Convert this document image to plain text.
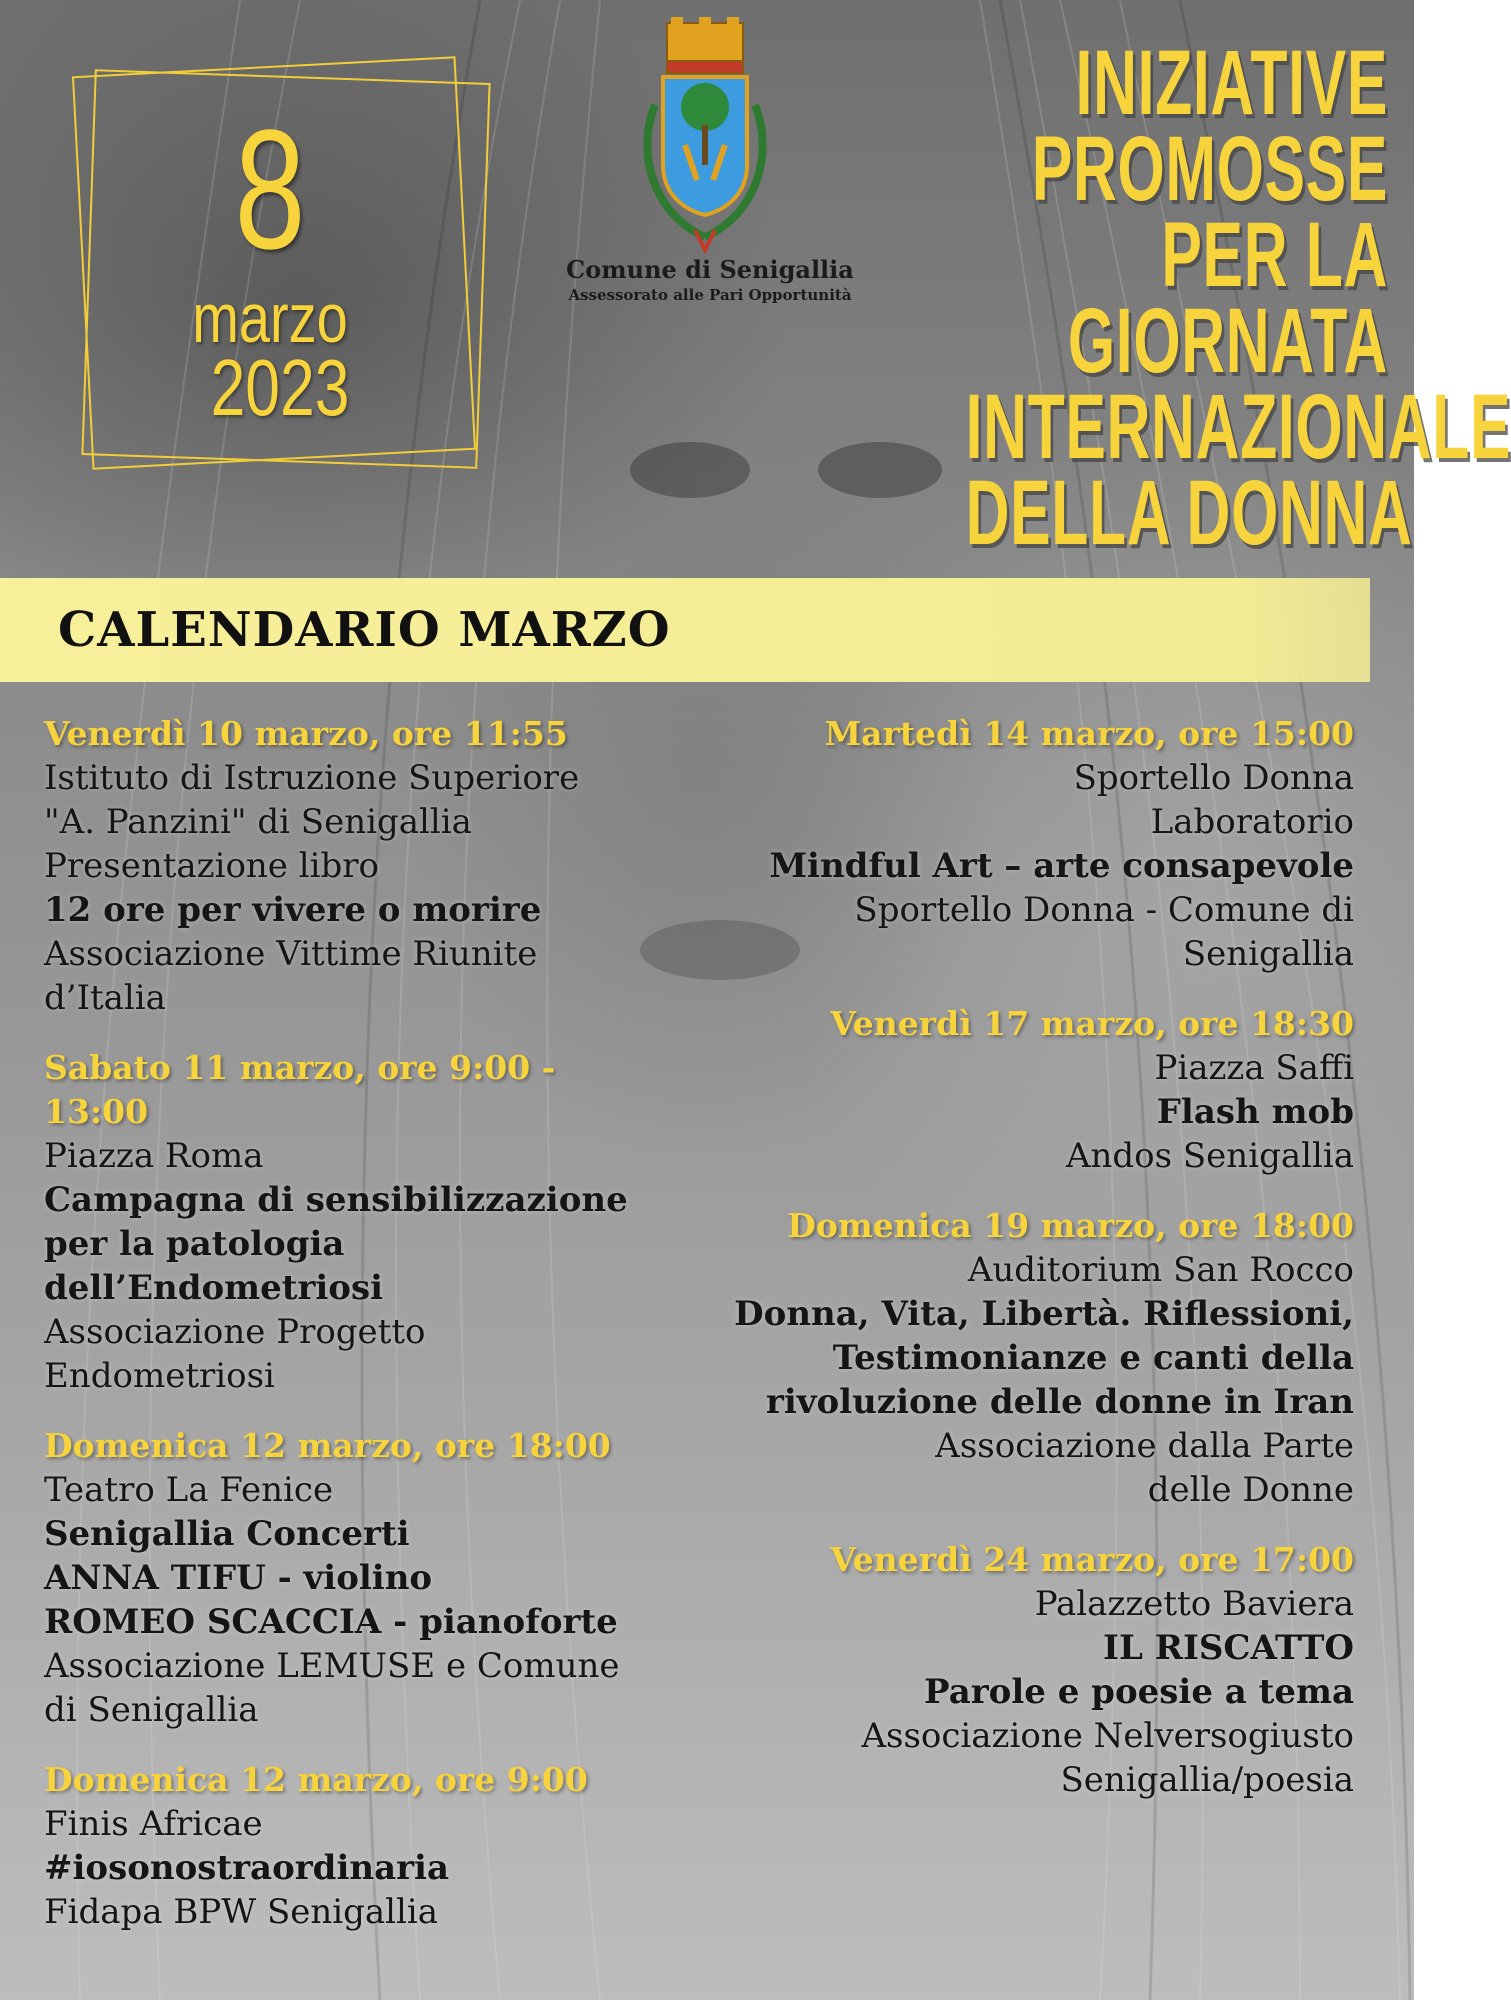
8
marzo
2023
Comune di Senigallia
Assessorato alle Pari Opportunità
INIZIATIVE
PROMOSSE
PER LA
GIORNATA
INTERNAZIONALE
DELLA DONNA
CALENDARIO MARZO
Venerdì 10 marzo, ore 11:55
Istituto di Istruzione Superiore
"A. Panzini" di Senigallia
Presentazione libro
12 ore per vivere o morire
Associazione Vittime Riunite
d’Italia
Sabato 11 marzo, ore 9:00 - 13:00
Piazza Roma
Campagna di sensibilizzazione
per la patologia
dell’Endometriosi
Associazione Progetto
Endometriosi
Domenica 12 marzo, ore 18:00
Teatro La Fenice
Senigallia Concerti
ANNA TIFU - violino
ROMEO SCACCIA - pianoforte
Associazione LEMUSE e Comune
di Senigallia
Domenica 12 marzo, ore 9:00
Finis Africae
#iosonostraordinaria
Fidapa BPW Senigallia
Martedì 14 marzo, ore 15:00
Sportello Donna
Laboratorio
Mindful Art – arte consapevole
Sportello Donna - Comune di
Senigallia
Venerdì 17 marzo, ore 18:30
Piazza Saffi
Flash mob
Andos Senigallia
Domenica 19 marzo, ore 18:00
Auditorium San Rocco
Donna, Vita, Libertà. Riflessioni,
Testimonianze e canti della
rivoluzione delle donne in Iran
Associazione dalla Parte
delle Donne
Venerdì 24 marzo, ore 17:00
Palazzetto Baviera
IL RISCATTO
Parole e poesie a tema
Associazione Nelversogiusto
Senigallia/poesia
